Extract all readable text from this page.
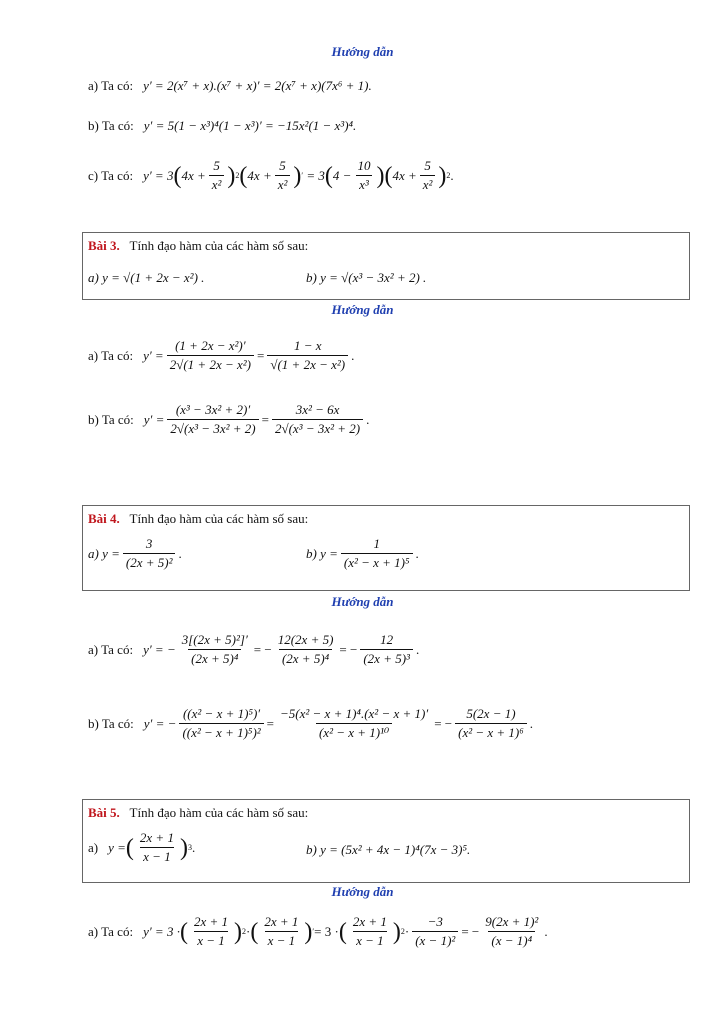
Hướng dẫn
a) Ta có: y′ = 2(x⁷ + x).(x⁷ + x)′ = 2(x⁷ + x)(7x⁶ + 1).
b) Ta có: y′ = 5(1 − x³)⁴(1 − x³)′ = −15x²(1 − x³)⁴.
c) Ta có: y′ = 3 ( $4x + \frac{5}{\text{x²}}$ ) 2 ( $4x + \frac{5}{\text{x²}}$ ) ′
= 3 ( $4 - \frac{10}{\text{x³}}$ ) ( $4x + \frac{5}{\text{x²}}$ ) 2 .
Bài 3.
Tính đạo hàm của các hàm số sau:
a) y = √(1 + 2x − x²) .	b) y = √(x³ − 3x² + 2) .
Hướng dẫn
a) Ta có: $y' = \frac{\text{(1 + 2x − x²)′}}{\text{2√(1 + 2x − x²)}} = \frac{1 - x}{\text{√(1 + 2x − x²)}}$ .
b) Ta có: $y' = \frac{\text{(x³ − 3x² + 2)′}}{\text{2√(x³ − 3x² + 2)}} = \frac{\text{3x² − 6x}}{\text{2√(x³ − 3x² + 2)}}$ .
Bài 4.
Tính đạo hàm của các hàm số sau:
a) $y = \frac{3}{\text{(2x + 5)²}}$ .	b) $y = \frac{1}{\text{(x² − x + 1)⁵}}$ .
Hướng dẫn
a) Ta có: y′ = − $\frac{\text{3[(2x + 5)²]′}}{\text{(2x + 5)⁴}}$ = − $\frac{12(2x + 5)}{\text{(2x + 5)⁴}}$ = − $\frac{12}{\text{(2x + 5)³}}$ .
b) Ta có: y′ = − $\frac{\text{((x² − x + 1)⁵)′}}{\text{((x² − x + 1)⁵)²}} = \frac{\text{−5(x² − x + 1)⁴.(x² − x + 1)′}}{\text{(x² − x + 1)¹⁰}}$ = − $\frac{5(2x - 1)}{\text{(x² − x + 1)⁶}}$ .
Bài 5.
Tính đạo hàm của các hàm số sau:
a) y = ( $\frac{2x + 1}{x - 1}$ ) 3 .	b) y = (5x² + 4x − 1)⁴(7x − 3)⁵.
Hướng dẫn
a) Ta có: y′ = 3 · ( $\frac{2x + 1}{x - 1}$ ) 2 · ( $\frac{2x + 1}{x - 1}$ ) ′ = 3 · ( $\frac{2x + 1}{x - 1}$ ) $2 \cdot \frac{-3}{\text{(x − 1)²}}$ = − $\frac{\text{9(2x + 1)²}}{\text{(x − 1)⁴}}$ .
